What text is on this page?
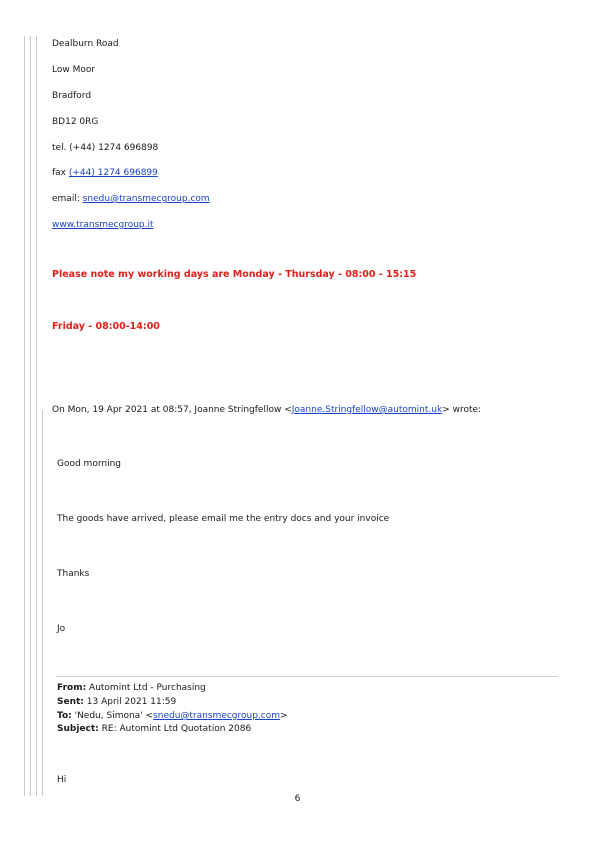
Dealburn Road
Low Moor
Bradford
BD12 0RG
tel. (+44) 1274 696898
fax (+44) 1274 696899
email: snedu@transmecgroup.com
www.transmecgroup.it
Please note my working days are Monday - Thursday - 08:00 - 15:15
Friday - 08:00-14:00
On Mon, 19 Apr 2021 at 08:57, Joanne Stringfellow <Joanne.Stringfellow@automint.uk> wrote:
Good morning
The goods have arrived, please email me the entry docs and your invoice
Thanks
Jo
From: Automint Ltd - Purchasing
Sent: 13 April 2021 11:59
To: 'Nedu, Simona' <snedu@transmecgroup.com>
Subject: RE: Automint Ltd Quotation 2086
Hi
6
